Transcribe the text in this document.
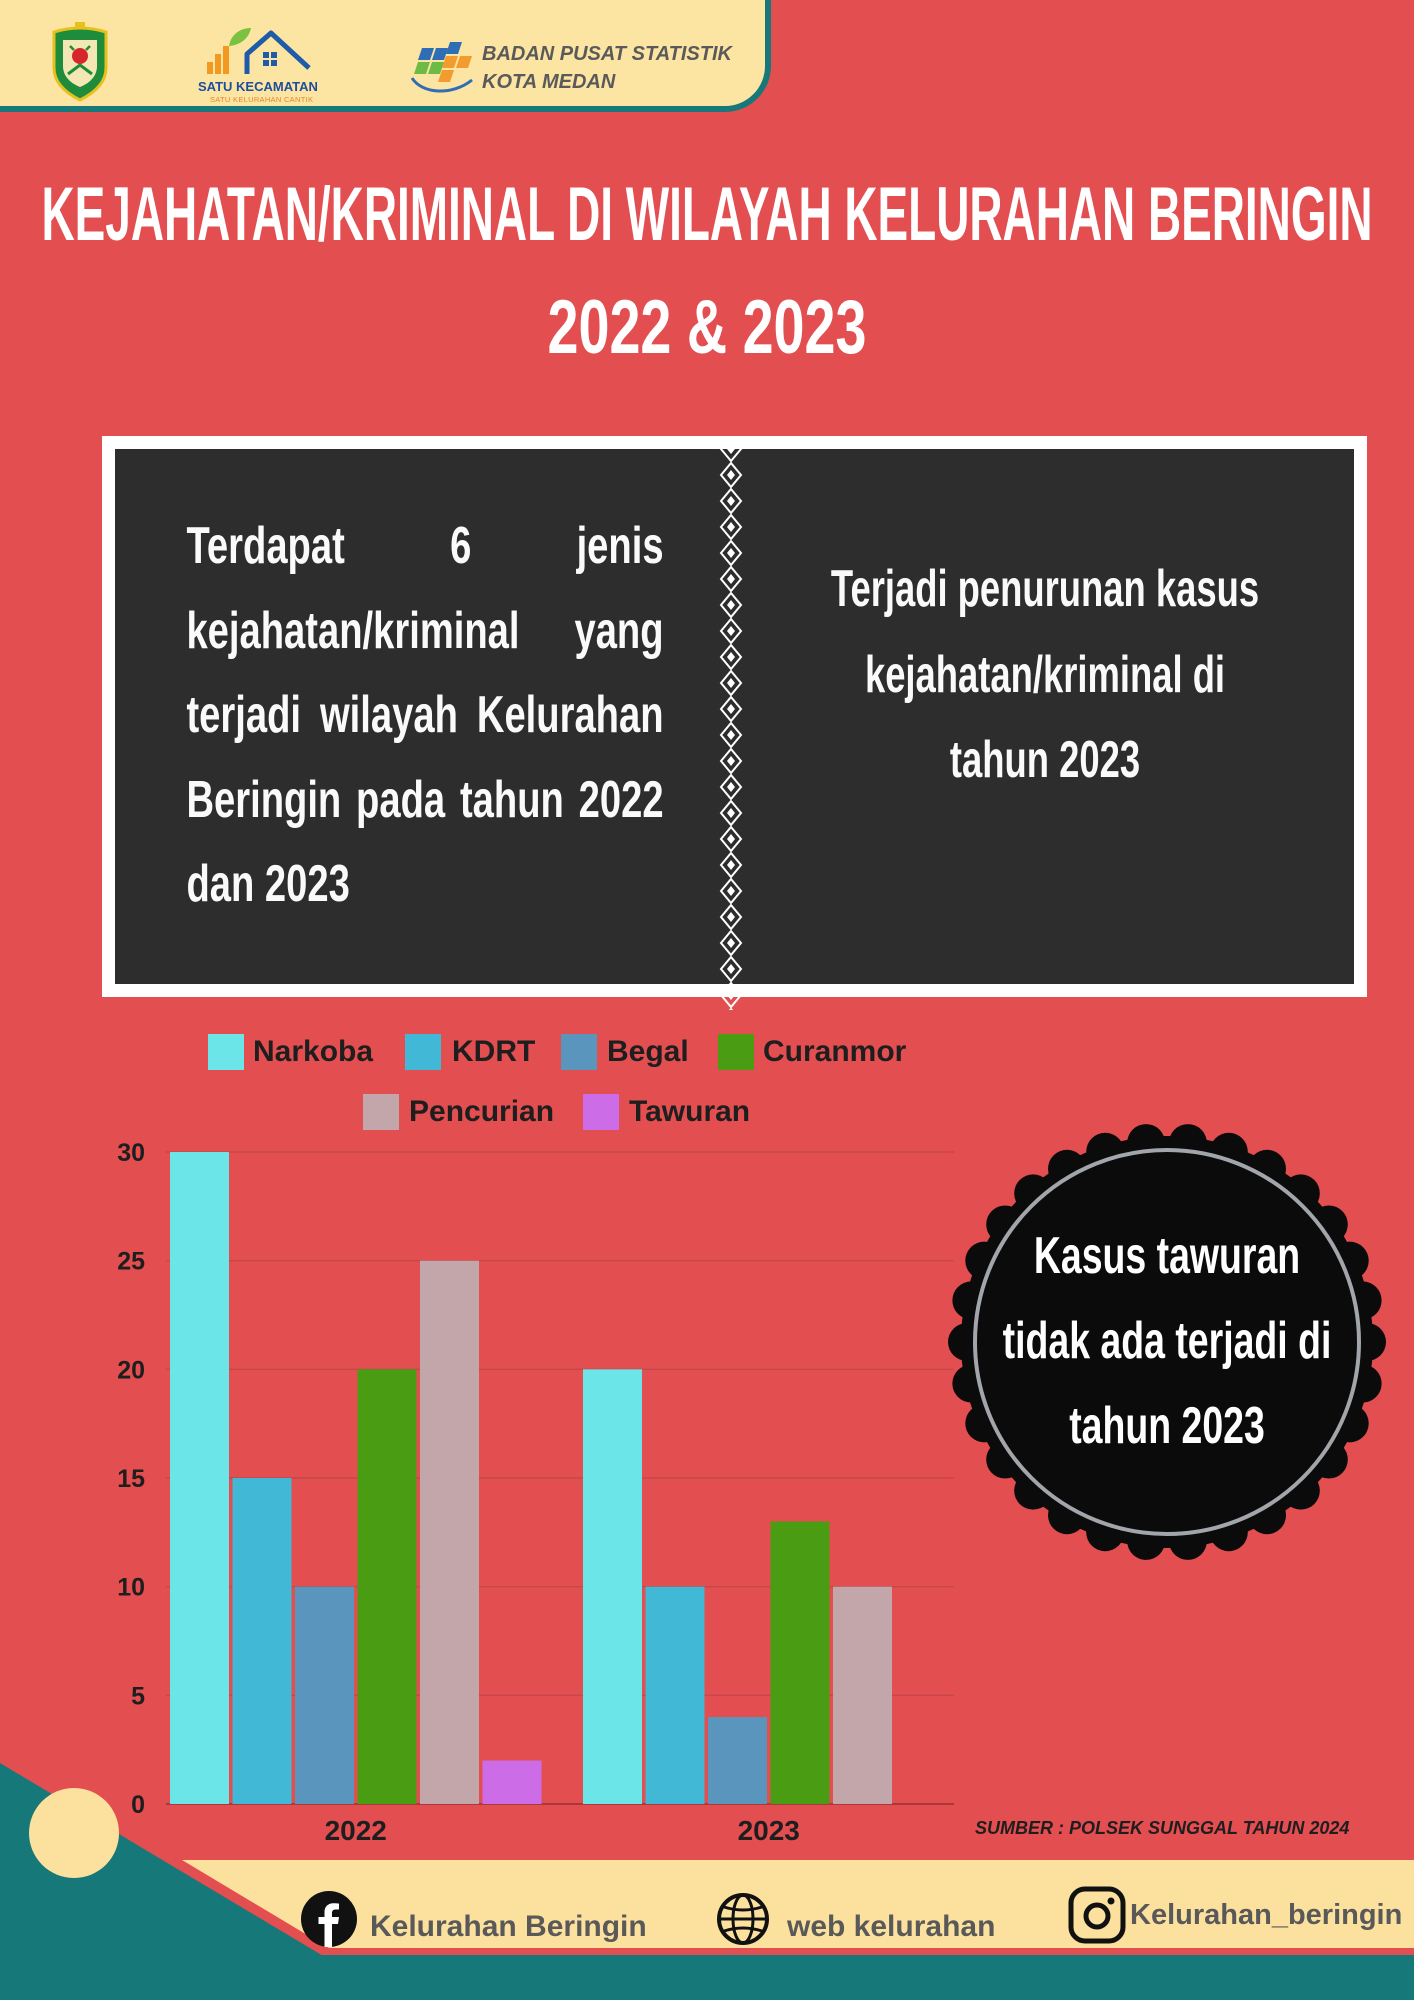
SATU KECAMATAN
SATU KELURAHAN CANTIK
BADAN PUSAT STATISTIK
KOTA MEDAN
KEJAHATAN/KRIMINAL DI WILAYAH KELURAHAN BERINGIN
2022 & 2023
Terdapat 6 jenis kejahatan/kriminal yang terjadi wilayah Kelurahan Beringin pada tahun 2022 dan 2023
Terjadi penurunan kasus kejahatan/kriminal di tahun 2023
Narkoba	KDRT Begal Curanmor
Pencurian Tawuran
0
5
10
15
20
25
30
2022	2023
Kasus tawuran tidak ada terjadi di tahun 2023
SUMBER : POLSEK SUNGGAL TAHUN 2024
Kelurahan Beringin	web kelurahan	Kelurahan_beringin
